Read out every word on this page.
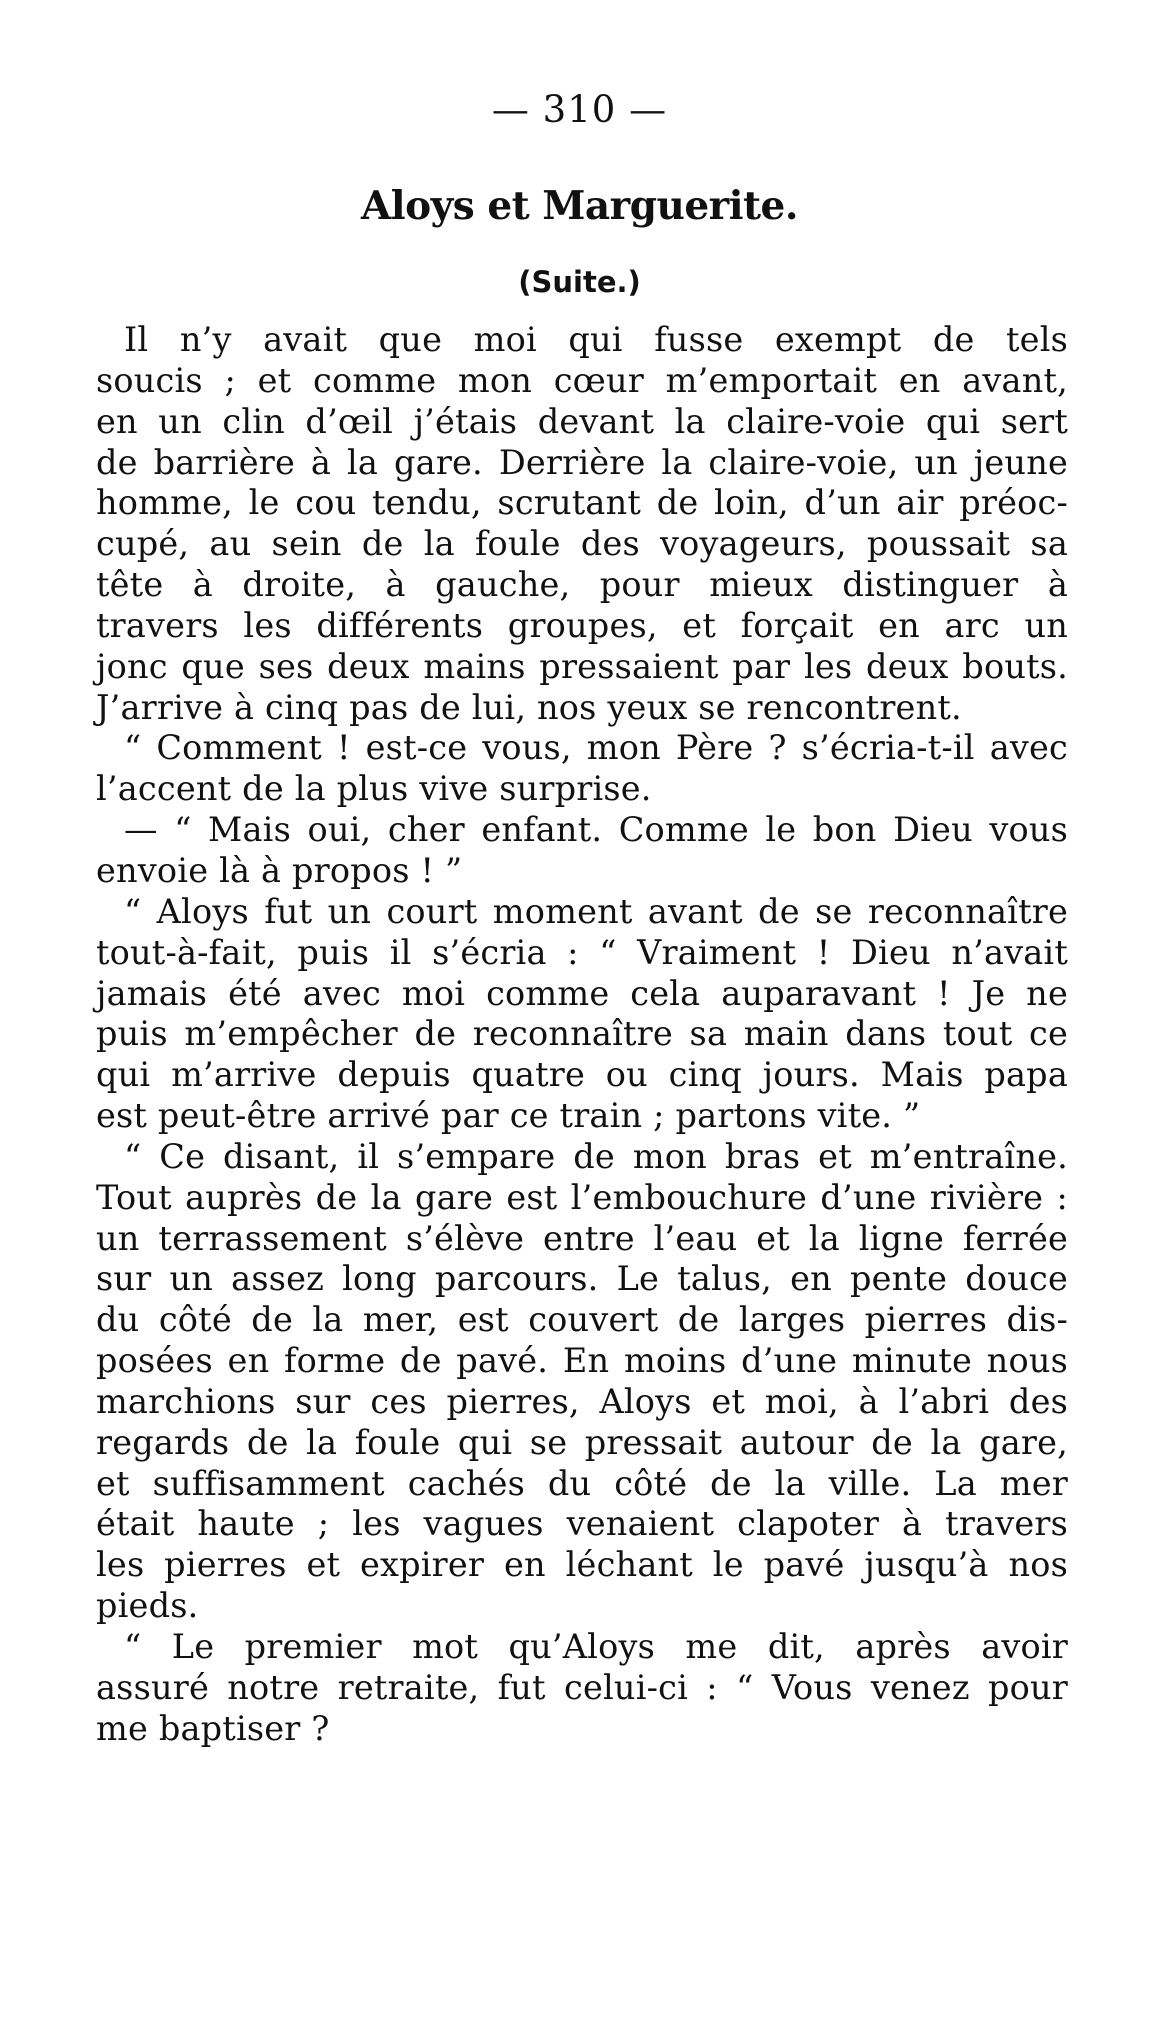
— 310 —
Aloys et Marguerite.
(Suite.)
Il n’y avait que moi qui fusse exempt de tels
soucis ; et comme mon cœur m’emportait en avant,
en un clin d’œil j’étais devant la claire-voie qui sert
de barrière à la gare. Derrière la claire-voie, un jeune
homme, le cou tendu, scrutant de loin, d’un air préoc-
cupé, au sein de la foule des voyageurs, poussait sa
tête à droite, à gauche, pour mieux distinguer à
travers les différents groupes, et forçait en arc un
jonc que ses deux mains pressaient par les deux bouts.
J’arrive à cinq pas de lui, nos yeux se rencontrent.
“ Comment ! est-ce vous, mon Père ? s’écria-t-il avec
l’accent de la plus vive surprise.
— “ Mais oui, cher enfant. Comme le bon Dieu vous
envoie là à propos ! ”
“ Aloys fut un court moment avant de se reconnaître
tout-à-fait, puis il s’écria : “ Vraiment ! Dieu n’avait
jamais été avec moi comme cela auparavant ! Je ne
puis m’empêcher de reconnaître sa main dans tout ce
qui m’arrive depuis quatre ou cinq jours. Mais papa
est peut-être arrivé par ce train ; partons vite. ”
“ Ce disant, il s’empare de mon bras et m’entraîne.
Tout auprès de la gare est l’embouchure d’une rivière :
un terrassement s’élève entre l’eau et la ligne ferrée
sur un assez long parcours. Le talus, en pente douce
du côté de la mer, est couvert de larges pierres dis-
posées en forme de pavé. En moins d’une minute nous
marchions sur ces pierres, Aloys et moi, à l’abri des
regards de la foule qui se pressait autour de la gare,
et suffisamment cachés du côté de la ville. La mer
était haute ; les vagues venaient clapoter à travers
les pierres et expirer en léchant le pavé jusqu’à nos
pieds.
“ Le premier mot qu’Aloys me dit, après avoir
assuré notre retraite, fut celui-ci : “ Vous venez pour
me baptiser ?
